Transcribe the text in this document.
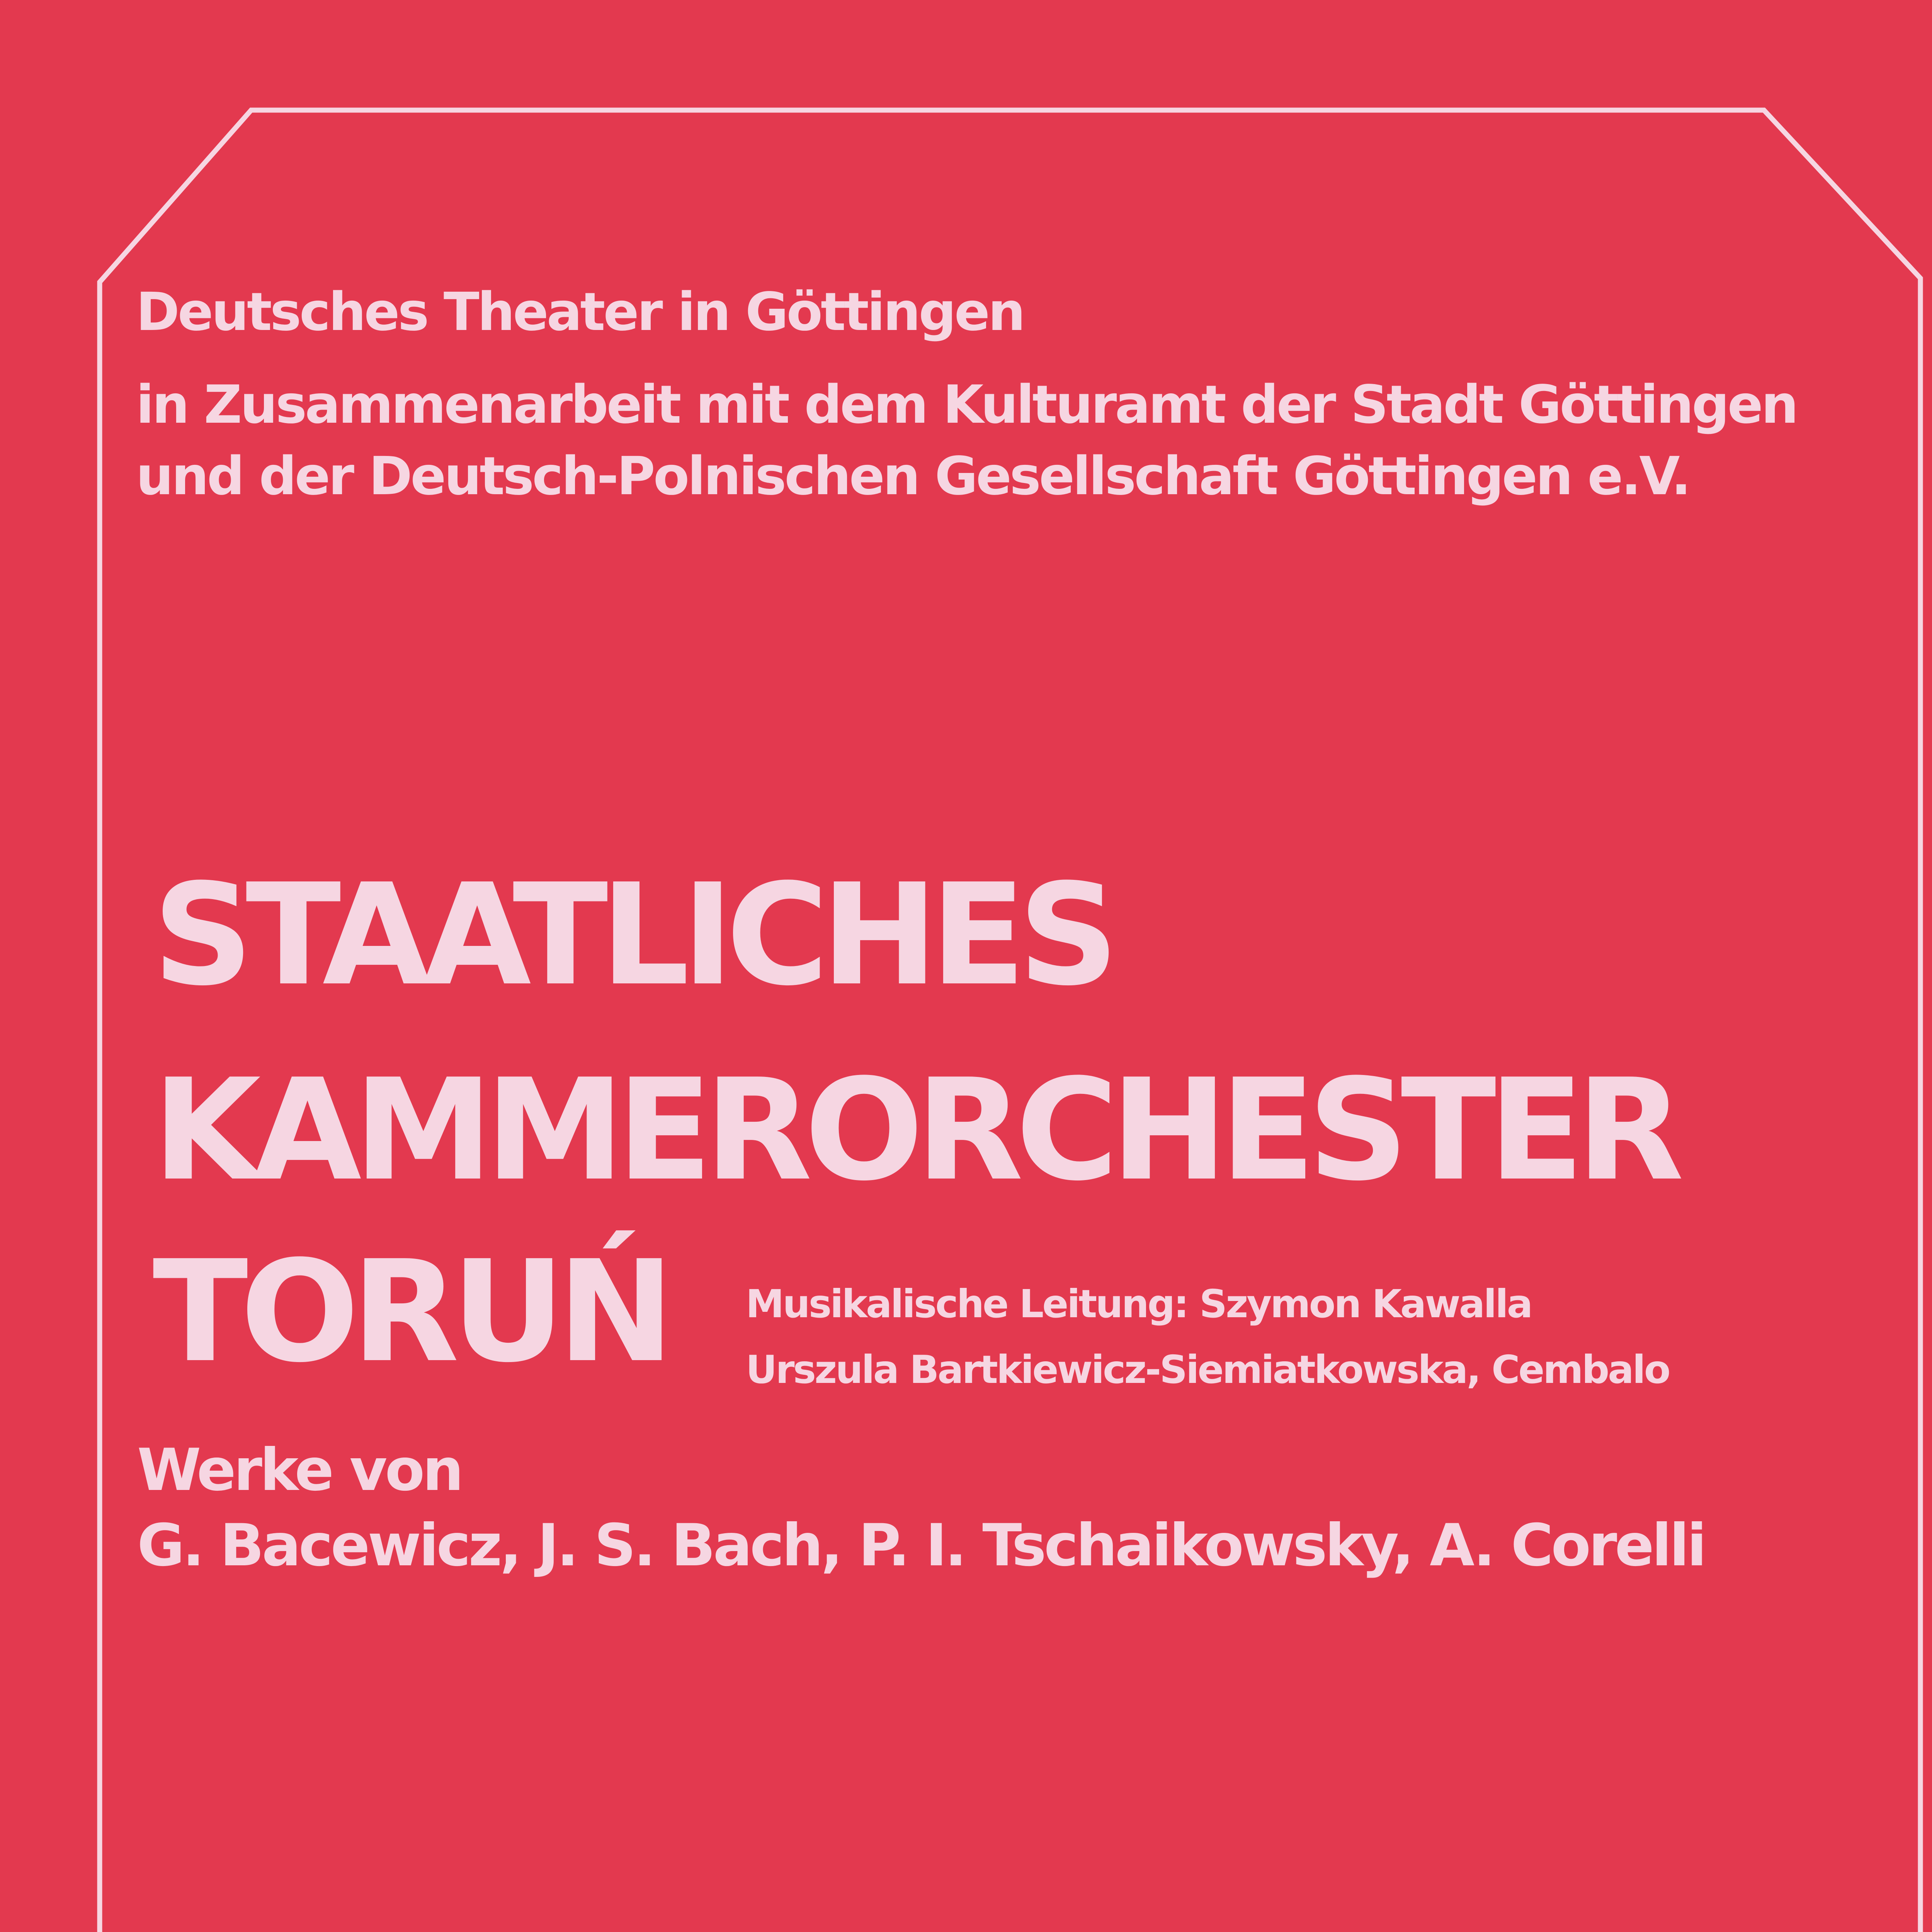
Deutsches Theater in Göttingen
in Zusammenarbeit mit dem Kulturamt der Stadt Göttingen
und der Deutsch-Polnischen Gesellschaft Göttingen e.V.
STAATLICHES
KAMMERORCHESTER
TORUŃ Musikalische Leitung: Szymon Kawalla
Urszula Bartkiewicz-Siemiatkowska, Cembalo
Werke von
G. Bacewicz, J. S. Bach, P. I. Tschaikowsky, A. Corelli
